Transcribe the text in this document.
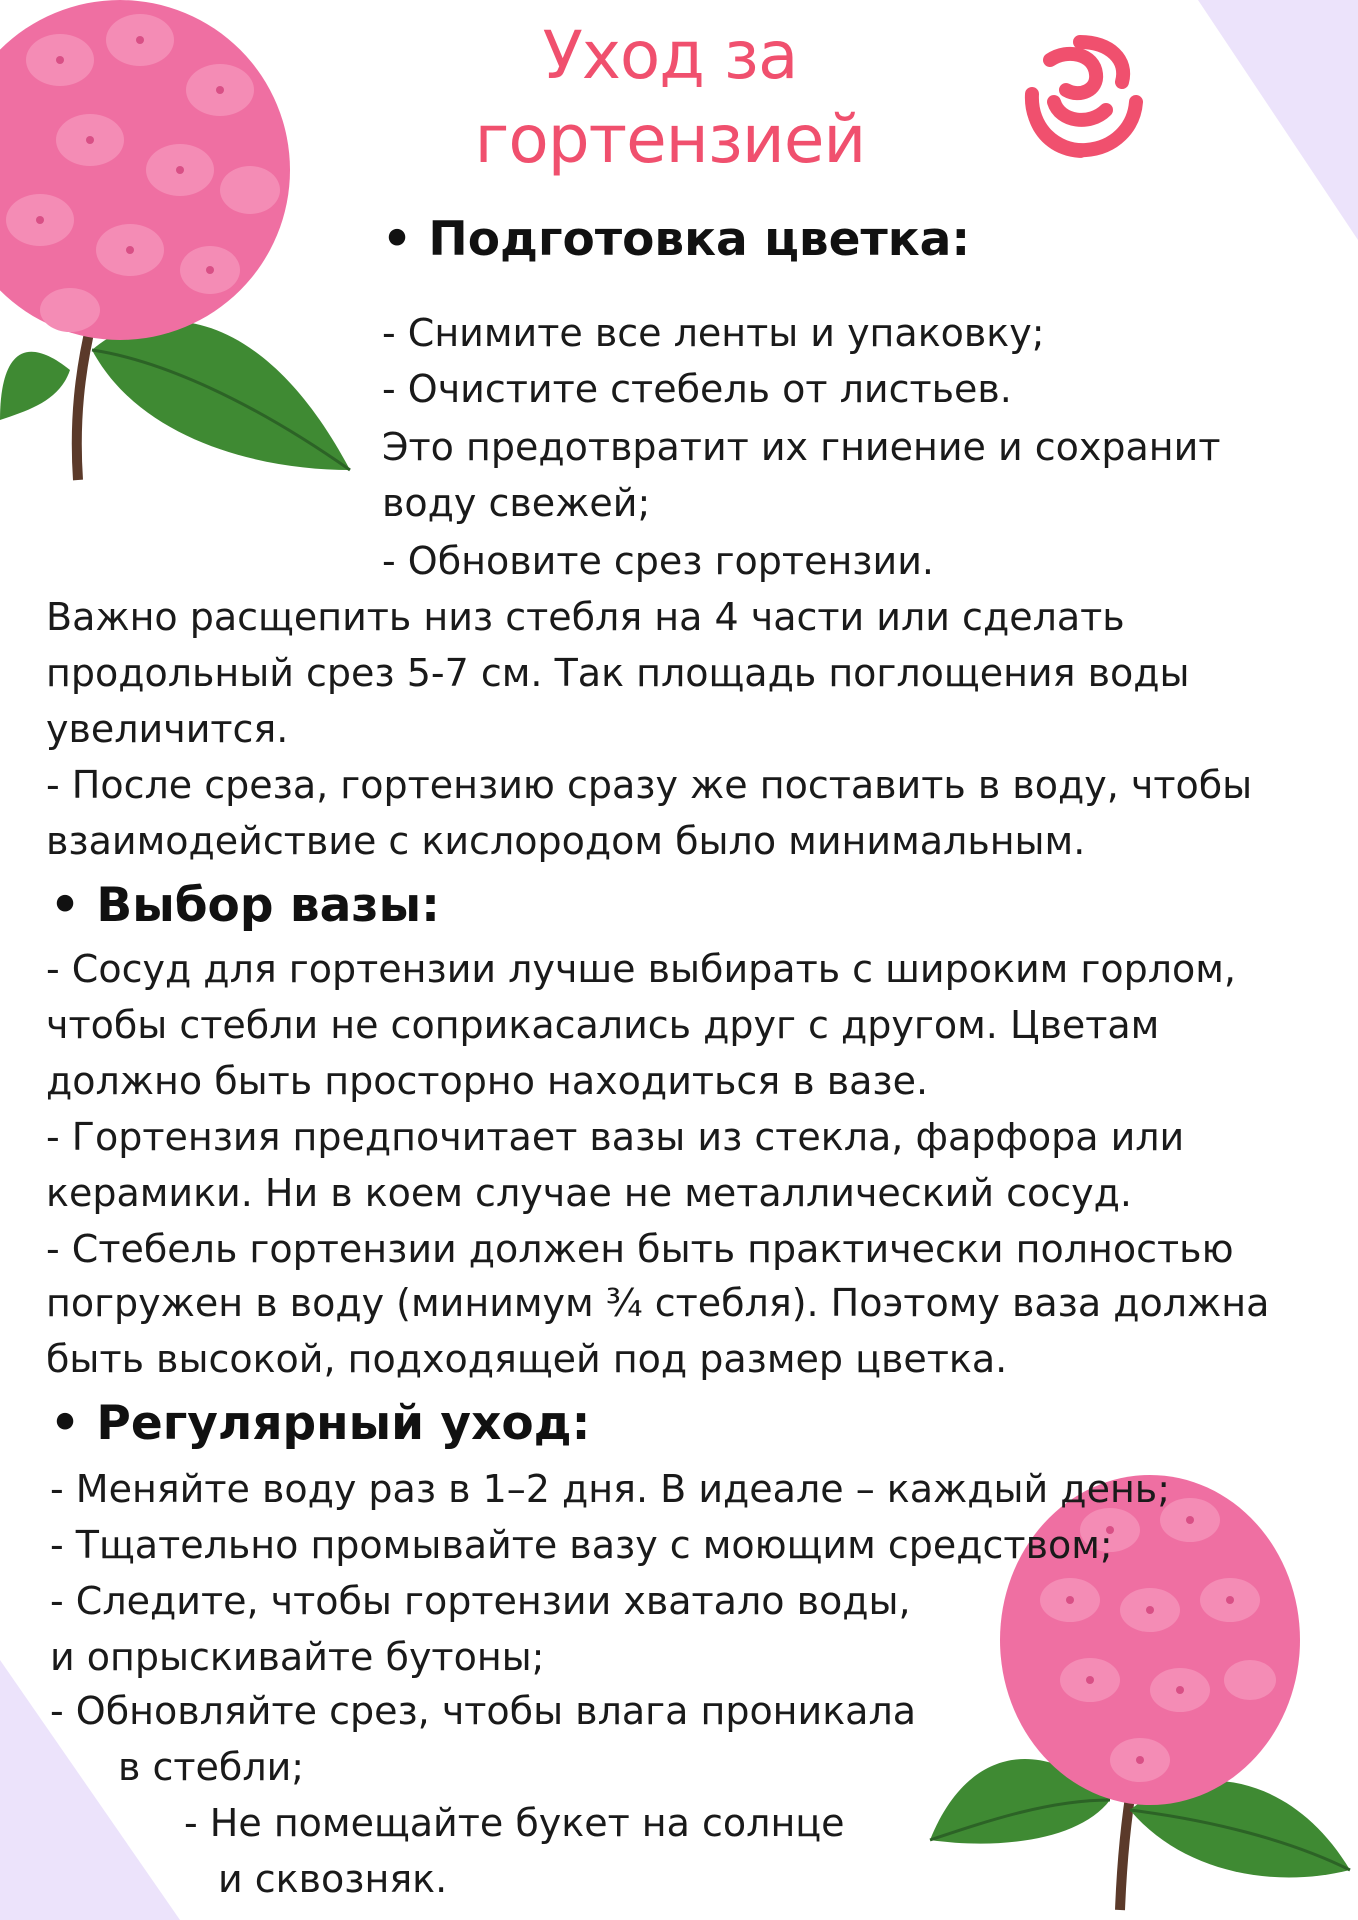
Уход за
гортензией
• Подготовка цветка:
- Снимите все ленты и упаковку;
- Очистите стебель от листьев.
Это предотвратит их гниение и сохранит
воду свежей;
- Обновите срез гортензии.
Важно расщепить низ стебля на 4 части или сделать
продольный срез 5-7 см. Так площадь поглощения воды
увеличится.
- После среза, гортензию сразу же поставить в воду, чтобы
взаимодействие с кислородом было минимальным.
• Выбор вазы:
- Сосуд для гортензии лучше выбирать с широким горлом,
чтобы стебли не соприкасались друг с другом. Цветам
должно быть просторно находиться в вазе.
- Гортензия предпочитает вазы из стекла, фарфора или
керамики. Ни в коем случае не металлический сосуд.
- Стебель гортензии должен быть практически полностью
погружен в воду (минимум ¾ стебля). Поэтому ваза должна
быть высокой, подходящей под размер цветка.
• Регулярный уход:
- Меняйте воду раз в 1–2 дня. В идеале – каждый день;
- Тщательно промывайте вазу с моющим средством;
- Следите, чтобы гортензии хватало воды,
и опрыскивайте бутоны;
- Обновляйте срез, чтобы влага проникала
в стебли;
- Не помещайте букет на солнце
и сквозняк.
